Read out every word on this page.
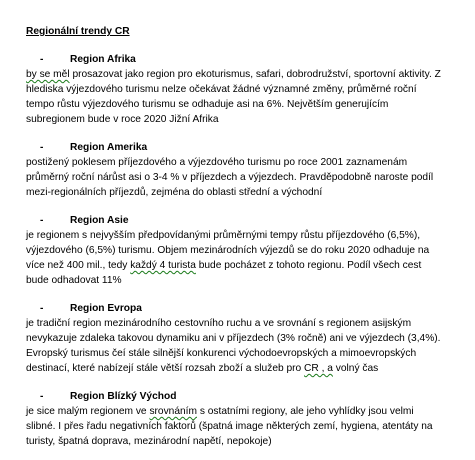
Regionální trendy CR

-	Region Afrika

by se měl prosazovat jako region pro ekoturismus, safari, dobrodružství, sportovní aktivity. Z
hlediska výjezdového turismu nelze očekávat žádné významné změny, průměrné roční
tempo růstu výjezdového turismu se odhaduje asi na 6%. Největším generujícím
subregionem bude v roce 2020 Jižní Afrika

-	Region Amerika

postižený poklesem příjezdového a výjezdového turismu po roce 2001 zaznamenám
průměrný roční nárůst asi o 3-4 % v příjezdech a výjezdech. Pravděpodobně naroste podíl
mezi-regionálních příjezdů, zejména do oblasti střední a východní

-	Region Asie

je regionem s nejvyšším předpovídanými průměrnými tempy růstu příjezdového (6,5%),
výjezdového (6,5%) turismu. Objem mezinárodních výjezdů se do roku 2020 odhaduje na
více než 400 mil., tedy každý 4 turista bude pocházet z tohoto regionu. Podíl všech cest
bude odhadovat 11%

-	Region Evropa

je tradiční region mezinárodního cestovního ruchu a ve srovnání s regionem asijským
nevykazuje zdaleka takovou dynamiku ani v příjezdech (3% ročně) ani ve výjezdech (3,4%).
Evropský turismus čeí stále silnější konkurenci východoevropských a mimoevropských
destinací, které nabízejí stále větší rozsah zboží a služeb pro CR , a volný čas

-	Region Blízký Východ

je sice malým regionem ve srovnáním s ostatními regiony, ale jeho vyhlídky jsou velmi
slibné. I přes řadu negativních faktorů (špatná image některých zemí, hygiena, atentáty na
turisty, špatná doprava, mezinárodní napětí, nepokoje)
